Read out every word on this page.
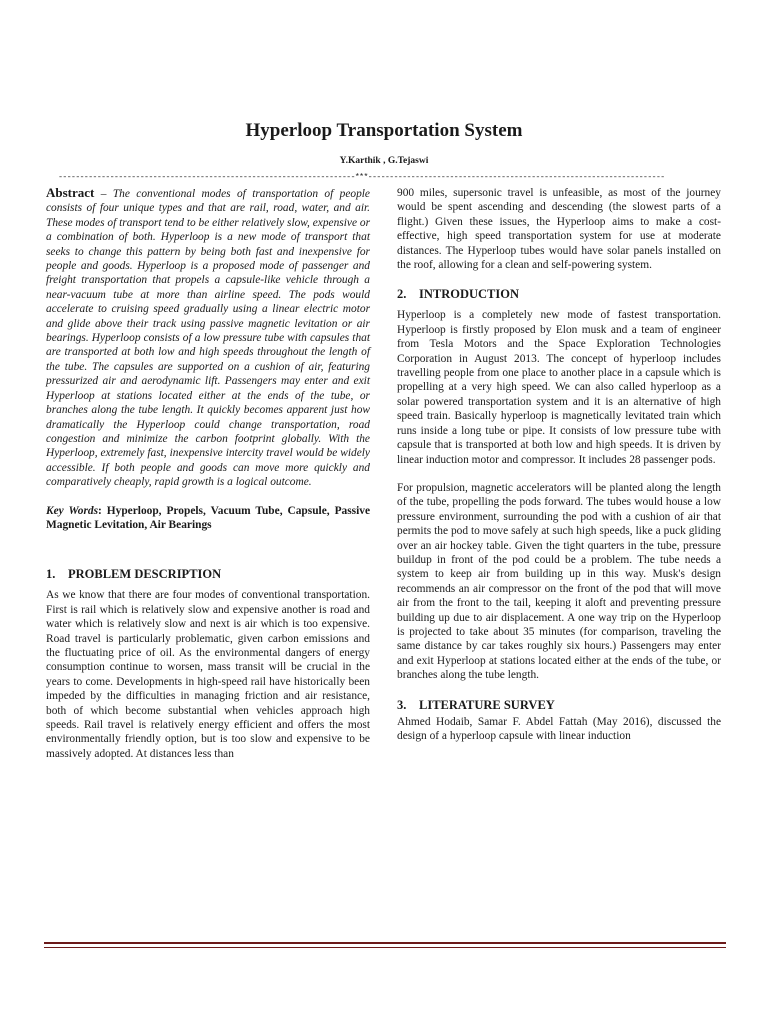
Hyperloop Transportation System
Y.Karthik , G.Tejaswi
---------------------------------------------------------------------***---------------------------------------------------------------------

Abstract – The conventional modes of transportation of people consists of four unique types and that are rail, road, water, and air. These modes of transport tend to be either relatively slow, expensive or a combination of both. Hyperloop is a new mode of transport that seeks to change this pattern by being both fast and inexpensive for people and goods. Hyperloop is a proposed mode of passenger and freight transportation that propels a capsule-like vehicle through a near-vacuum tube at more than airline speed. The pods would accelerate to cruising speed gradually using a linear electric motor and glide above their track using passive magnetic levitation or air bearings. Hyperloop consists of a low pressure tube with capsules that are transported at both low and high speeds throughout the length of the tube. The capsules are supported on a cushion of air, featuring pressurized air and aerodynamic lift. Passengers may enter and exit Hyperloop at stations located either at the ends of the tube, or branches along the tube length. It quickly becomes apparent just how dramatically the Hyperloop could change transportation, road congestion and minimize the carbon footprint globally. With the Hyperloop, extremely fast, inexpensive intercity travel would be widely accessible. If both people and goods can move more quickly and comparatively cheaply, rapid growth is a logical outcome.

Key Words: Hyperloop, Propels, Vacuum Tube, Capsule, Passive Magnetic Levitation, Air Bearings

1. PROBLEM DESCRIPTION

As we know that there are four modes of conventional transportation. First is rail which is relatively slow and expensive another is road and water which is relatively slow and next is air which is too expensive. Road travel is particularly problematic, given carbon emissions and the fluctuating price of oil. As the environmental dangers of energy consumption continue to worsen, mass transit will be crucial in the years to come. Developments in high-speed rail have historically been impeded by the difficulties in managing friction and air resistance, both of which become substantial when vehicles approach high speeds. Rail travel is relatively energy efficient and offers the most environmentally friendly option, but is too slow and expensive to be massively adopted. At distances less than

900 miles, supersonic travel is unfeasible, as most of the journey would be spent ascending and descending (the slowest parts of a flight.) Given these issues, the Hyperloop aims to make a cost-effective, high speed transportation system for use at moderate distances. The Hyperloop tubes would have solar panels installed on the roof, allowing for a clean and self-powering system.

2. INTRODUCTION

Hyperloop is a completely new mode of fastest transportation. Hyperloop is firstly proposed by Elon musk and a team of engineer from Tesla Motors and the Space Exploration Technologies Corporation in August 2013. The concept of hyperloop includes travelling people from one place to another place in a capsule which is propelling at a very high speed. We can also called hyperloop as a solar powered transportation system and it is an alternative of high speed train. Basically hyperloop is magnetically levitated train which runs inside a long tube or pipe. It consists of low pressure tube with capsule that is transported at both low and high speeds. It is driven by linear induction motor and compressor. It includes 28 passenger pods.

For propulsion, magnetic accelerators will be planted along the length of the tube, propelling the pods forward. The tubes would house a low pressure environment, surrounding the pod with a cushion of air that permits the pod to move safely at such high speeds, like a puck gliding over an air hockey table. Given the tight quarters in the tube, pressure buildup in front of the pod could be a problem. The tube needs a system to keep air from building up in this way. Musk's design recommends an air compressor on the front of the pod that will move air from the front to the tail, keeping it aloft and preventing pressure building up due to air displacement. A one way trip on the Hyperloop is projected to take about 35 minutes (for comparison, traveling the same distance by car takes roughly six hours.) Passengers may enter and exit Hyperloop at stations located either at the ends of the tube, or branches along the tube length.

3. LITERATURE SURVEY

Ahmed Hodaib, Samar F. Abdel Fattah (May 2016), discussed the design of a hyperloop capsule with linear induction
